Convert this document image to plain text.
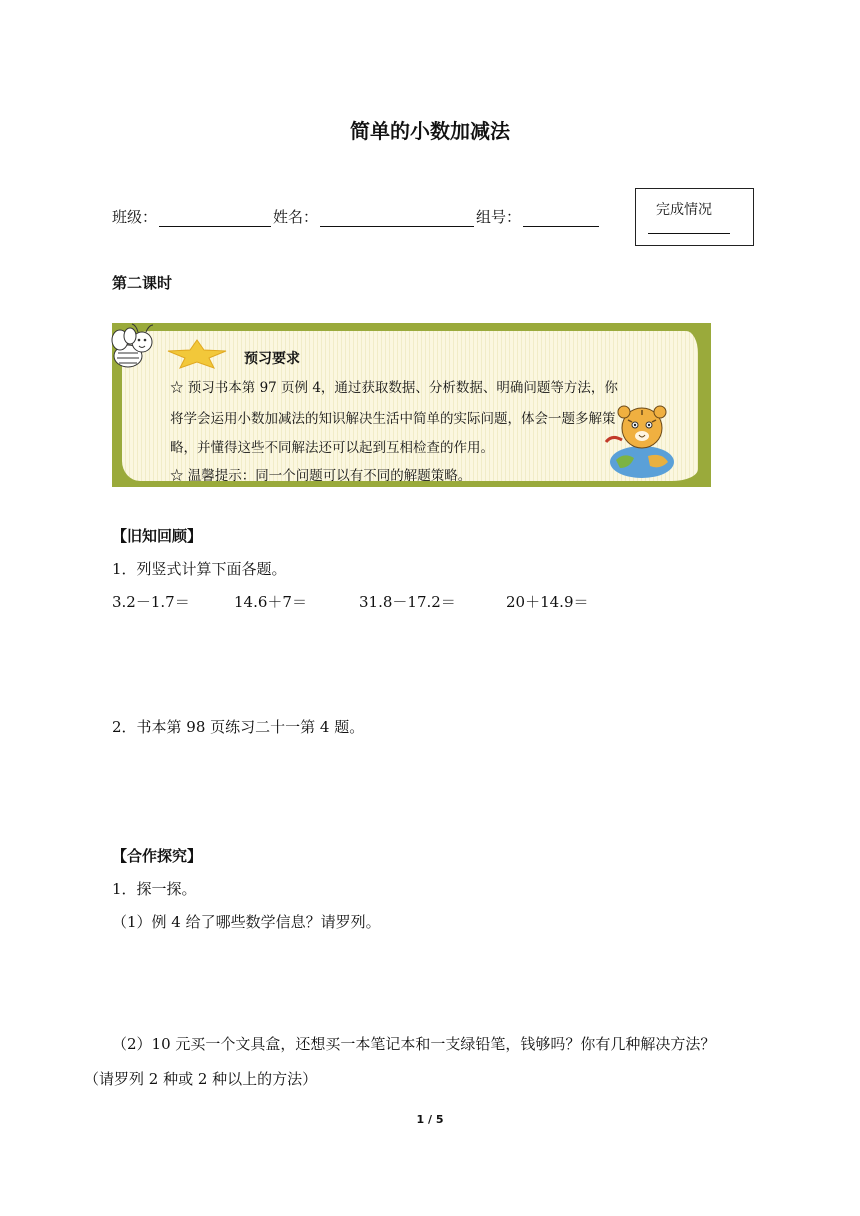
简单的小数加减法
班级：	姓名：	组号：	完成情况
第二课时
预习要求
☆ 预习书本第 97 页例 4，通过获取数据、分析数据、明确问题等方法，你
将学会运用小数加减法的知识解决生活中简单的实际问题，体会一题多解策
略，并懂得这些不同解法还可以起到互相检查的作用。
☆ 温馨提示：同一个问题可以有不同的解题策略。
【旧知回顾】
1．列竖式计算下面各题。
3.2－1.7＝	14.6＋7＝	31.8－17.2＝	20＋14.9＝
2．书本第 98 页练习二十一第 4 题。
【合作探究】
1．探一探。
（1）例 4 给了哪些数学信息？请罗列。
（2）10 元买一个文具盒，还想买一本笔记本和一支绿铅笔，钱够吗？你有几种解决方法？
（请罗列 2 种或 2 种以上的方法）
1 / 5
